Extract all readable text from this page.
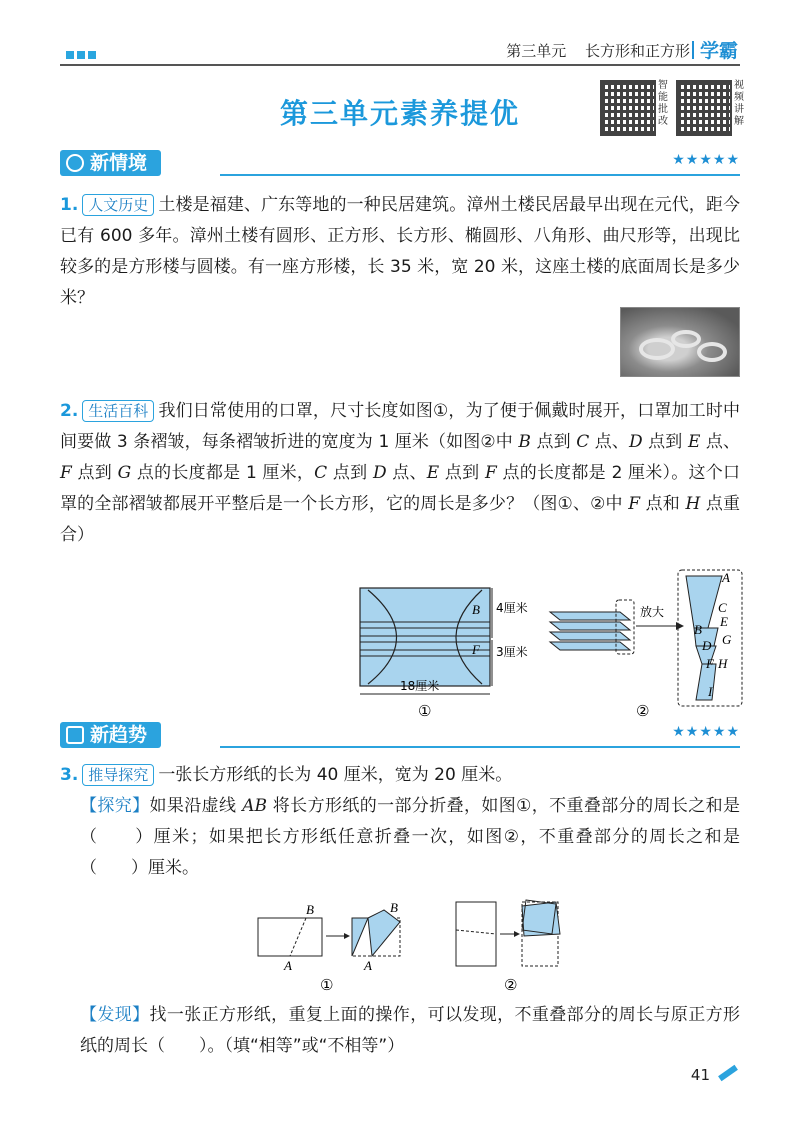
第三单元 长方形和正方形 学霸
第三单元素养提优
智能批改
视频讲解
新情境	★★★★★
1. 人文历史 土楼是福建、广东等地的一种民居建筑。漳州土楼民居最早出现在元代，距今已有 600 多年。漳州土楼有圆形、正方形、长方形、椭圆形、八角形、曲尺形等，出现比较多的是方形楼与圆楼。有一座方形楼，长 35 米，宽 20 米，这座土楼的底面周长是多少米？
2. 生活百科 我们日常使用的口罩，尺寸长度如图①，为了便于佩戴时展开，口罩加工时中间要做 3 条褶皱，每条褶皱折进的宽度为 1 厘米（如图②中 B 点到 C 点、D 点到 E 点、F 点到 G 点的长度都是 1 厘米，C 点到 D 点、E 点到 F 点的长度都是 2 厘米）。这个口罩的全部褶皱都展开平整后是一个长方形，它的周长是多少？（图①、②中 F 点和 H 点重合）
B
F
4厘米
3厘米
18厘米
①
放大
②
A
C
B
E
D G
F H
I
新趋势	★★★★★
3. 推导探究 一张长方形纸的长为 40 厘米，宽为 20 厘米。
【探究】如果沿虚线 AB 将长方形纸的一部分折叠，如图①，不重叠部分的周长之和是（　　）厘米；如果把长方形纸任意折叠一次，如图②，不重叠部分的周长之和是（　　）厘米。
B
A
B
A
①	②
【发现】找一张正方形纸，重复上面的操作，可以发现，不重叠部分的周长与原正方形纸的周长（　　）。（填“相等”或“不相等”）
41
